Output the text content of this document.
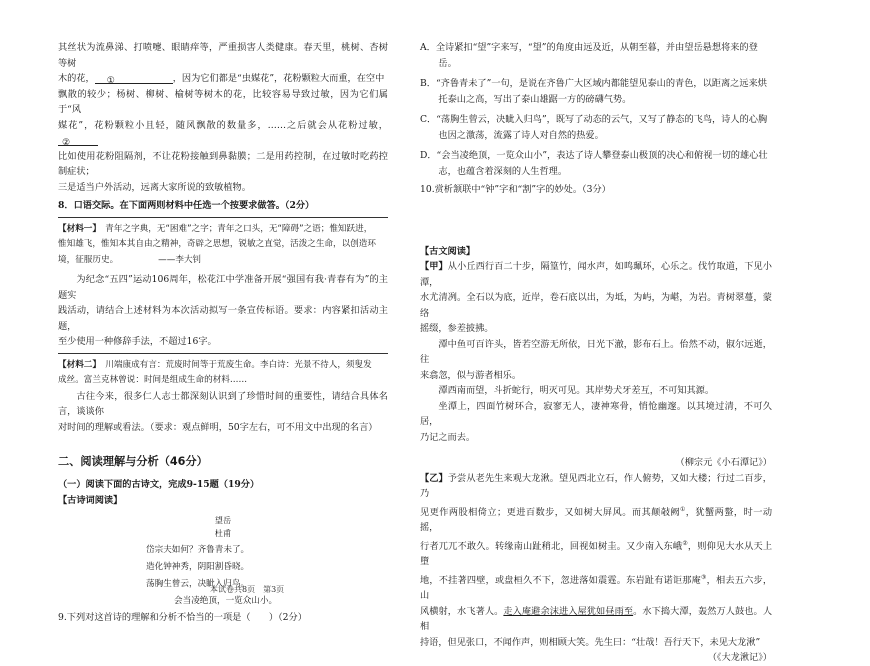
其丝状为流鼻涕、打喷嚏、眼睛痒等，严重损害人类健康。春天里，桃树、杏树等树

木的花， ①	，因为它们都是“虫媒花”，花粉颗粒大而重，在空中

飘散的较少；杨树、柳树、榆树等树木的花，比较容易导致过敏，因为它们属于“风

媒花”，花粉颗粒小且轻，随风飘散的数量多，……之后就会从花粉过敏，②

比如使用花粉阻隔剂，不让花粉接触到鼻黏膜；二是用药控制，在过敏时吃药控制症状；

三是适当户外活动，远离大家所说的致敏植物。

8．口语交际。在下面两则材料中任选一个按要求做答。（2分）

【材料一】　 青年之字典，无“困难”之字；青年之口头，无“障碍”之语；惟知跃进，

惟知雄飞，惟知本其自由之精神，奇辟之思想，锐敏之直觉，活泼之生命，以创造环

境，征服历史。	——李大钊

为纪念“五四”运动106周年，松花江中学准备开展“强国有我·青春有为”的主题实

践活动，请结合上述材料为本次活动拟写一条宣传标语。要求：内容紧扣活动主题，

至少使用一种修辞手法，不超过16字。

【材料二】　 川端康成有言：荒废时间等于荒废生命。李白诗：光景不待人，须叟发

成丝。富兰克林曾说：时间是组成生命的材料……

古往今来，很多仁人志士都深刻认识到了珍惜时间的重要性，请结合具体名言，谈谈你

对时间的理解或看法。（要求：观点鲜明，50字左右，可不用文中出现的名言）

二、阅读理解与分析（46分）

（一）阅读下面的古诗文，完成9-15题（19分）

【古诗词阅读】

望岳
杜甫
岱宗夫如何？齐鲁青未了。
造化钟神秀，阴阳割昏晓。
荡胸生曾云，决眦入归鸟。
会当凌绝顶，一览众山小。

9.下列对这首诗的理解和分析不恰当的一项是（　　）（2分）

A．全诗紧扣“望”字来写，“望”的角度由远及近，从朝至暮，并由望岳悬想将来的登

岳。

B．“齐鲁青未了”一句，是说在齐鲁广大区域内都能望见泰山的青色，以距离之远来烘

托泰山之高，写出了泰山雄踞一方的磅礴气势。

C．“荡胸生曾云，决眦入归鸟”，既写了动态的云气，又写了静态的飞鸟，诗人的心胸

也因之激荡，流露了诗人对自然的热爱。

D．“会当凌绝顶，一览众山小”，表达了诗人攀登泰山极顶的决心和俯视一切的雄心壮

志，也蕴含着深刻的人生哲理。

10.赏析颔联中“钟”字和“割”字的妙处。（3分）

【古文阅读】

【甲】从小丘西行百二十步，隔篁竹，闻水声，如鸣珮环，心乐之。伐竹取道，下见小潭，

水尤清冽。全石以为底，近岸，卷石底以出，为坻，为屿，为嵁，为岩。青树翠蔓，蒙络

摇缀，参差披拂。

潭中鱼可百许头，皆若空游无所依，日光下澈，影布石上。佁然不动，俶尔远逝，往

来翕忽，似与游者相乐。

潭西南而望，斗折蛇行，明灭可见。其岸势犬牙差互，不可知其源。

坐潭上，四面竹树环合，寂寥无人，凄神寒骨，悄怆幽邃。以其境过清，不可久居，

乃记之而去。

（柳宗元《小石潭记》）

【乙】予尝从老先生来观大龙湫。望见西北立石，作人俯势，又如大楼；行过二百步，乃

见更作两股相倚立；更进百数步，又如树大屏风。而其颠敧阙①，犹蟹两螯，时一动摇，

行者兀兀不敢久。转缘南山趾稍北，回视如树圭。又少南入东峨②，则仰见大水从天上墮

地，不挂著四壁，或盘桓久不下，忽进落如震霆。东岩趾有诺讵那庵③，相去五六步，山

风横射，水飞著人。走入庵避余沫进入屋犹如昼雨至。水下捣大潭，轰然万人鼓也。人相

持语，但见张口，不闻作声，则相顾大笑。先生曰：“壮哉！吾行天下，未见大龙湫”

（《大龙湫记》）

本试卷共8页　第3页
